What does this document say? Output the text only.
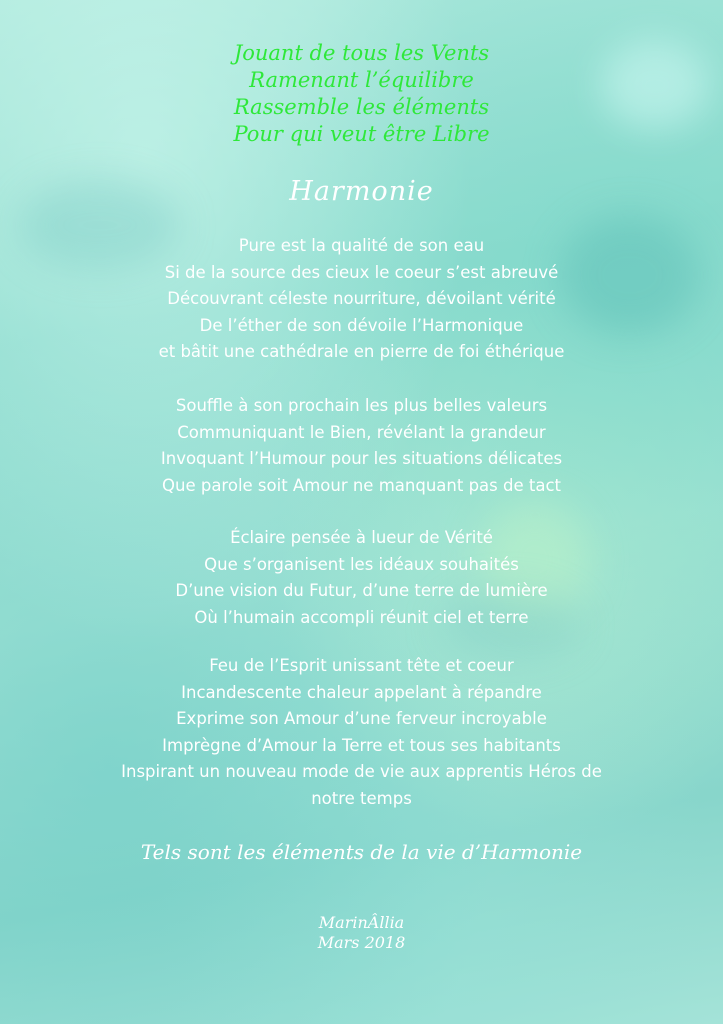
Jouant de tous les Vents
Ramenant l’équilibre
Rassemble les éléments
Pour qui veut être Libre
Harmonie
Pure est la qualité de son eau
Si de la source des cieux le coeur s’est abreuvé
Découvrant céleste nourriture, dévoilant vérité
De l’éther de son dévoile l’Harmonique
et bâtit une cathédrale en pierre de foi éthérique
Souffle à son prochain les plus belles valeurs
Communiquant le Bien, révélant la grandeur
Invoquant l’Humour pour les situations délicates
Que parole soit Amour ne manquant pas de tact
Éclaire pensée à lueur de Vérité
Que s’organisent les idéaux souhaités
D’une vision du Futur, d’une terre de lumière
Où l’humain accompli réunit ciel et terre
Feu de l’Esprit unissant tête et coeur
Incandescente chaleur appelant à répandre
Exprime son Amour d’une ferveur incroyable
Imprègne d’Amour la Terre et tous ses habitants
Inspirant un nouveau mode de vie aux apprentis Héros de
notre temps
Tels sont les éléments de la vie d’Harmonie
MarinÂllia
Mars 2018
